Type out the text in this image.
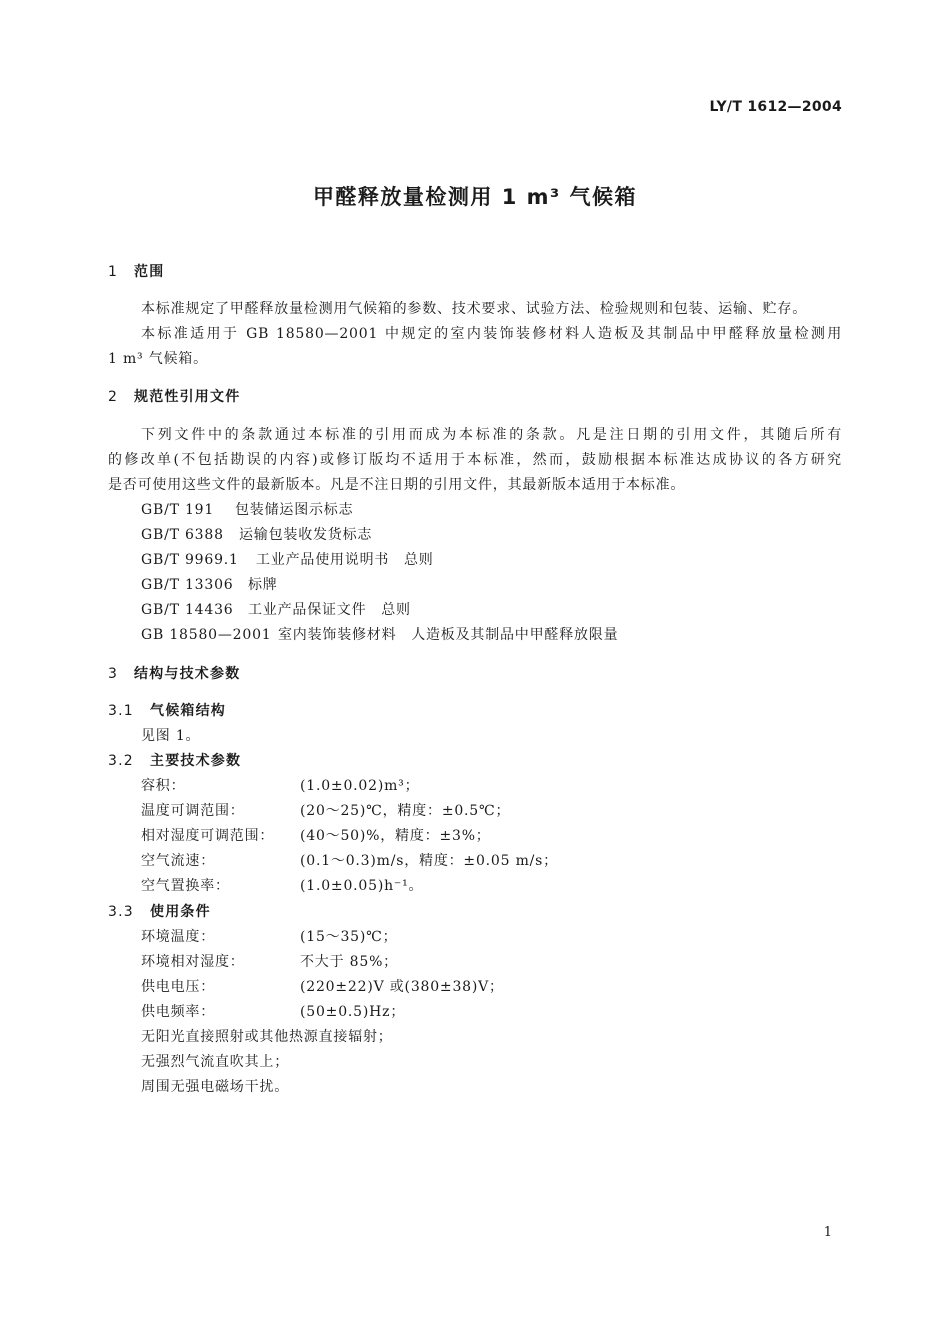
LY/T 1612—2004
甲醛释放量检测用 1 m³ 气候箱
1 范围
本标准规定了甲醛释放量检测用气候箱的参数、技术要求、试验方法、检验规则和包装、运输、贮存。
本标准适用于 GB 18580—2001 中规定的室内装饰装修材料人造板及其制品中甲醛释放量检测用
1 m³ 气候箱。
2 规范性引用文件
下列文件中的条款通过本标准的引用而成为本标准的条款。凡是注日期的引用文件，其随后所有
的修改单(不包括勘误的内容)或修订版均不适用于本标准，然而，鼓励根据本标准达成协议的各方研究
是否可使用这些文件的最新版本。凡是不注日期的引用文件，其最新版本适用于本标准。
GB/T 191 包装储运图示标志
GB/T 6388 运输包装收发货标志
GB/T 9969.1 工业产品使用说明书　总则
GB/T 13306 标牌
GB/T 14436 工业产品保证文件　总则
GB 18580—2001 室内装饰装修材料　人造板及其制品中甲醛释放限量
3 结构与技术参数
3.1 气候箱结构
见图 1。
3.2 主要技术参数
容积：	(1.0±0.02)m³；
温度可调范围：	(20～25)℃，精度：±0.5℃；
相对湿度可调范围： (40～50)%，精度：±3%；
空气流速：	(0.1～0.3)m/s，精度：±0.05 m/s；
空气置换率：	(1.0±0.05)h⁻¹。
3.3 使用条件
环境温度：	(15～35)℃；
环境相对湿度：	不大于 85%；
供电电压：	(220±22)V 或(380±38)V；
供电频率：	(50±0.5)Hz；
无阳光直接照射或其他热源直接辐射；
无强烈气流直吹其上；
周围无强电磁场干扰。
1
